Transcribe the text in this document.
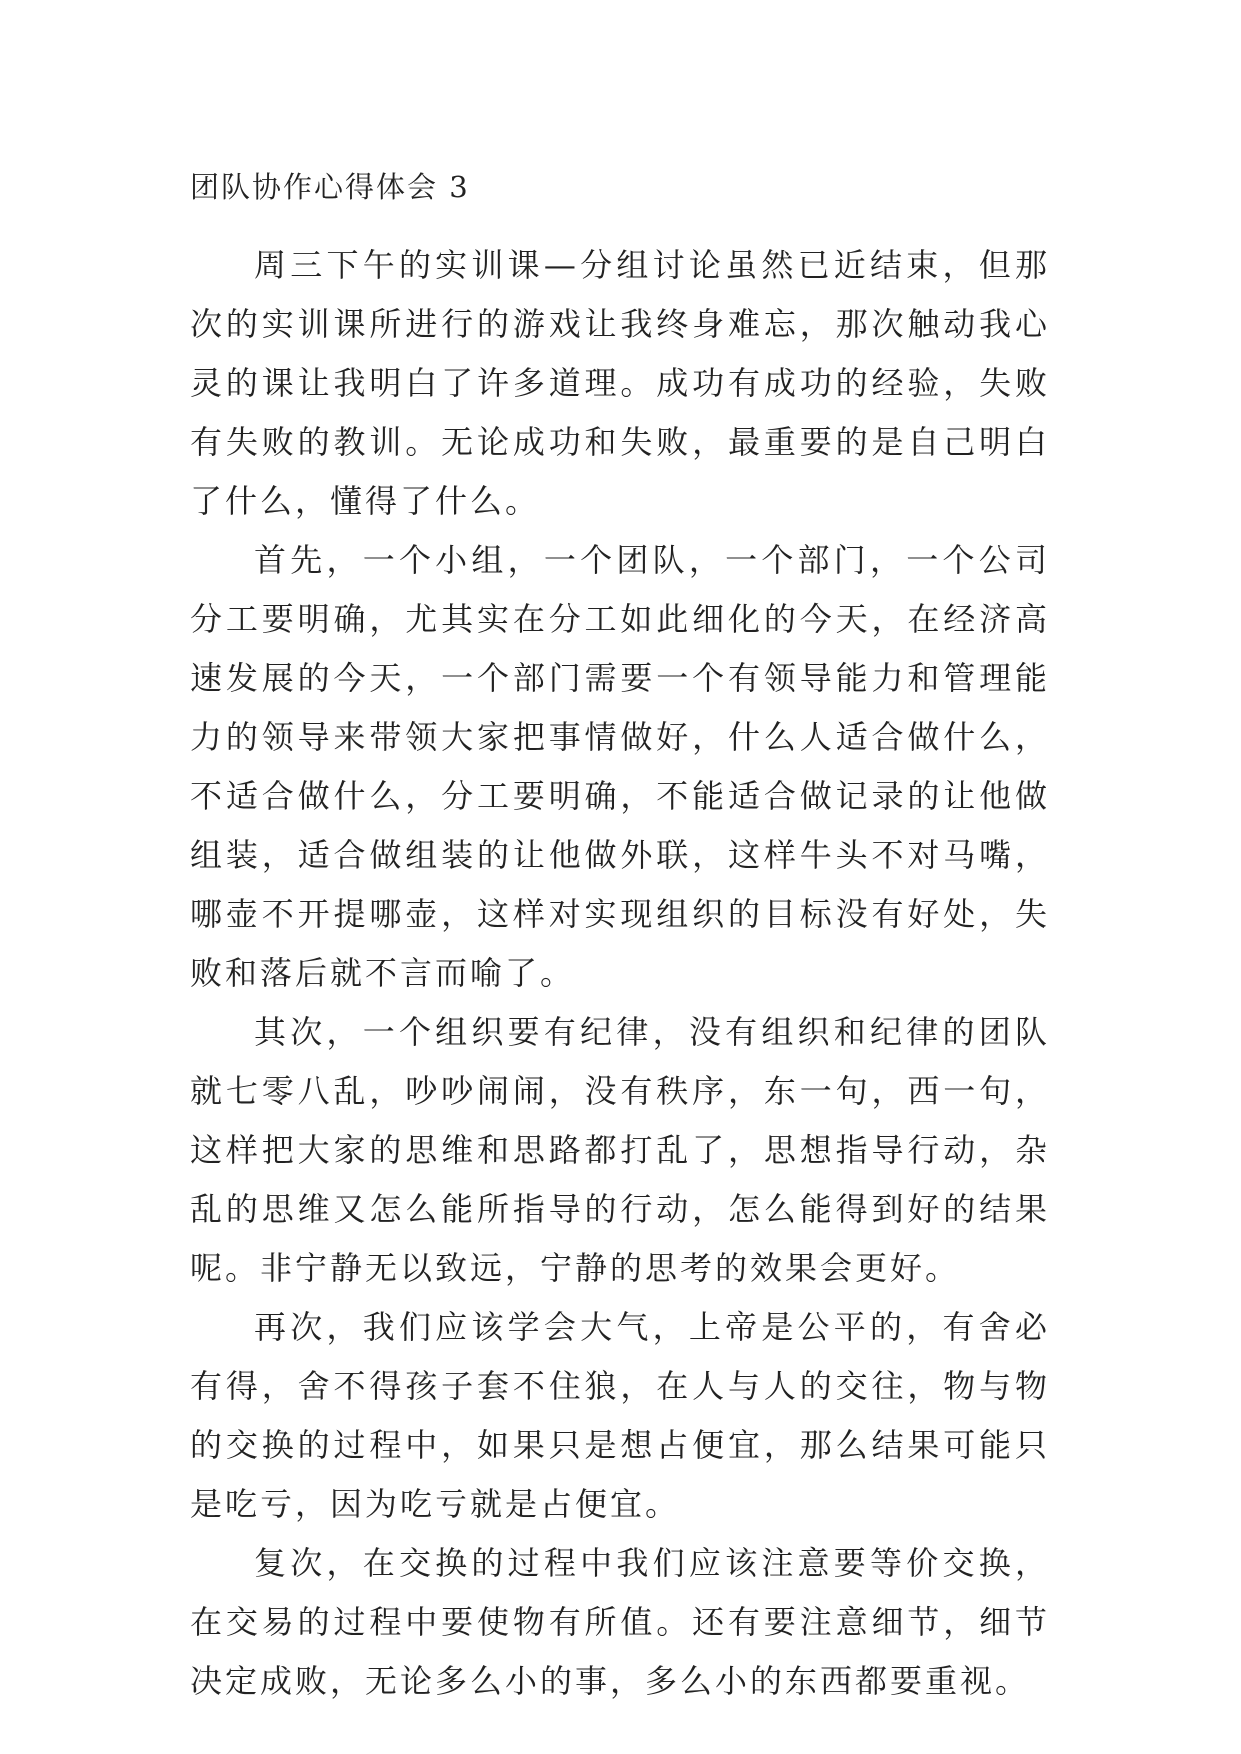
团队协作心得体会 3

周三下午的实训课—分组讨论虽然已近结束，但那次的实训课所进行的游戏让我终身难忘，那次触动我心灵的课让我明白了许多道理。成功有成功的经验，失败有失败的教训。无论成功和失败，最重要的是自己明白了什么，懂得了什么。

首先，一个小组，一个团队，一个部门，一个公司分工要明确，尤其实在分工如此细化的今天，在经济高速发展的今天，一个部门需要一个有领导能力和管理能力的领导来带领大家把事情做好，什么人适合做什么，不适合做什么，分工要明确，不能适合做记录的让他做组装，适合做组装的让他做外联，这样牛头不对马嘴，哪壶不开提哪壶，这样对实现组织的目标没有好处，失败和落后就不言而喻了。

其次，一个组织要有纪律，没有组织和纪律的团队就七零八乱，吵吵闹闹，没有秩序，东一句，西一句，这样把大家的思维和思路都打乱了，思想指导行动，杂乱的思维又怎么能所指导的行动，怎么能得到好的结果呢。非宁静无以致远，宁静的思考的效果会更好。

再次，我们应该学会大气，上帝是公平的，有舍必有得，舍不得孩子套不住狼，在人与人的交往，物与物的交换的过程中，如果只是想占便宜，那么结果可能只是吃亏，因为吃亏就是占便宜。

复次，在交换的过程中我们应该注意要等价交换，在交易的过程中要使物有所值。还有要注意细节，细节决定成败，无论多么小的事，多么小的东西都要重视。
